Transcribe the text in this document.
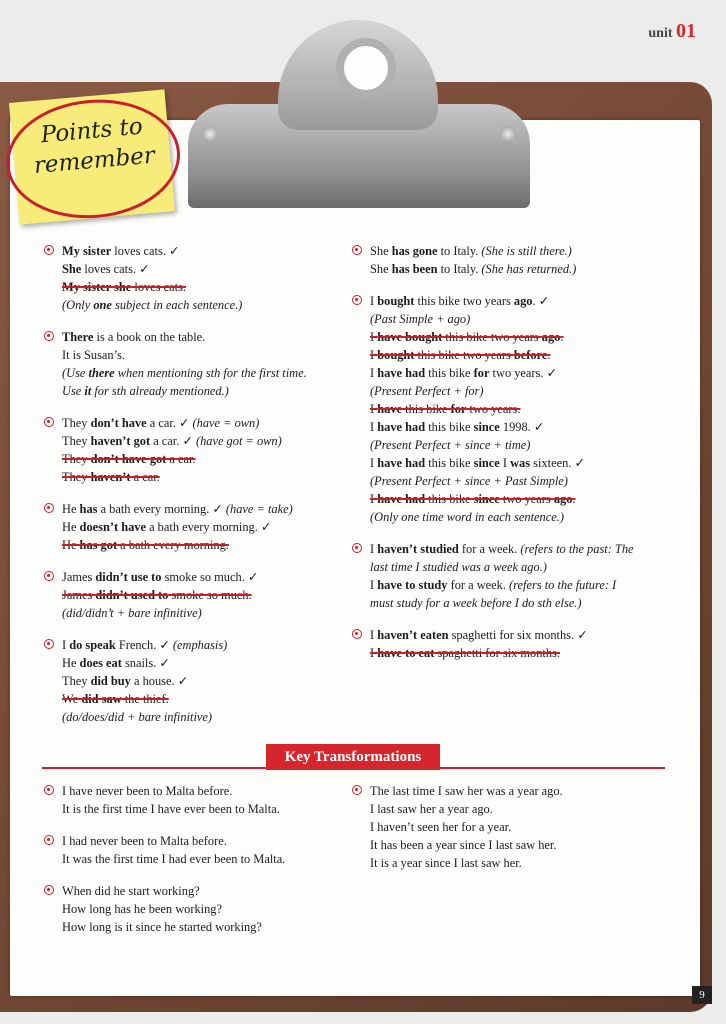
unit 01
Points to
remember
My sister loves cats. ✓
She loves cats. ✓
My sister she loves cats.
(Only one subject in each sentence.)
There is a book on the table.
It is Susan’s.
(Use there when mentioning sth for the first time.
Use it for sth already mentioned.)
They don’t have a car. ✓ (have = own)
They haven’t got a car. ✓ (have got = own)
They don’t have got a car.
They haven’t a car.
He has a bath every morning. ✓ (have = take)
He doesn’t have a bath every morning. ✓
He has got a bath every morning.
James didn’t use to smoke so much. ✓
James didn’t used to smoke so much.
(did/didn’t + bare infinitive)
I do speak French. ✓ (emphasis)
He does eat snails. ✓
They did buy a house. ✓
We did saw the thief.
(do/does/did + bare infinitive)
She has gone to Italy. (She is still there.)
She has been to Italy. (She has returned.)
I bought this bike two years ago. ✓
(Past Simple + ago)
I have bought this bike two years ago.
I bought this bike two years before.
I have had this bike for two years. ✓
(Present Perfect + for)
I have this bike for two years.
I have had this bike since 1998. ✓
(Present Perfect + since + time)
I have had this bike since I was sixteen. ✓
(Present Perfect + since + Past Simple)
I have had this bike since two years ago.
(Only one time word in each sentence.)
I haven’t studied for a week. (refers to the past: The
last time I studied was a week ago.)
I have to study for a week. (refers to the future: I
must study for a week before I do sth else.)
I haven’t eaten spaghetti for six months. ✓
I have to eat spaghetti for six months.
Key Transformations
I have never been to Malta before.
It is the first time I have ever been to Malta.
I had never been to Malta before.
It was the first time I had ever been to Malta.
When did he start working?
How long has he been working?
How long is it since he started working?
The last time I saw her was a year ago.
I last saw her a year ago.
I haven’t seen her for a year.
It has been a year since I last saw her.
It is a year since I last saw her.
9
